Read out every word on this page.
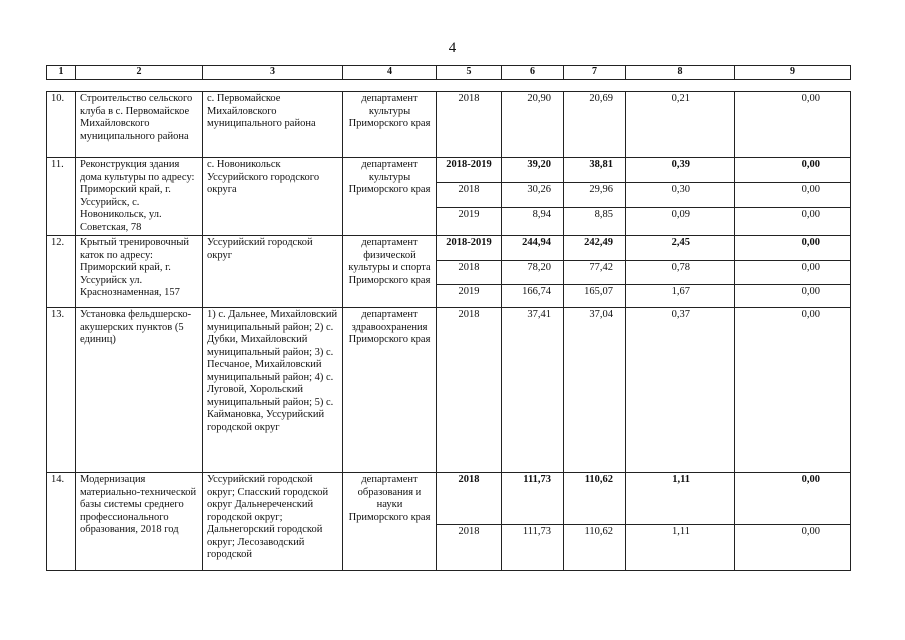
4
1	2	3	4	5	6	7	8	9
10.	Строительство сельского клуба в с. Первомайское Михайловского муниципального района	с. Первомайское Михайловского муниципального района	департамент культуры Приморского края	2018	20,90	20,69	0,21	0,00
11.	Реконструкция здания дома культуры по адресу: Приморский край, г. Уссурийск, с. Новоникольск, ул. Советская, 78	с. Новоникольск Уссурийского городского округа	департамент культуры Приморского края	2018-2019	39,20	38,81	0,39	0,00
				2018	30,26	29,96	0,30	0,00
				2019	8,94	8,85	0,09	0,00
12.	Крытый тренировочный каток по адресу: Приморский край, г. Уссурийск ул. Краснознаменная, 157	Уссурийский городской округ	департамент физической культуры и спорта Приморского края	2018-2019	244,94	242,49	2,45	0,00
				2018	78,20	77,42	0,78	0,00
				2019	166,74	165,07	1,67	0,00
13.	Установка фельдшерско-акушерских пунктов (5 единиц)	1) с. Дальнее, Михайловский муниципальный район; 2) с. Дубки, Михайловский муниципальный район; 3) с. Песчаное, Михайловский муниципальный район; 4) с. Луговой, Хорольский муниципальный район; 5) с. Каймановка, Уссурийский городской округ	департамент здравоохранения Приморского края	2018	37,41	37,04	0,37	0,00
14.	Модернизация материально-технической базы системы среднего профессионального образования, 2018 год	Уссурийский городской округ; Спасский городской округ Дальнереченский городской округ; Дальнегорский городской округ; Лесозаводский городской	департамент образования и науки Приморского края	2018	111,73	110,62	1,11	0,00
				2018	111,73	110,62	1,11	0,00
